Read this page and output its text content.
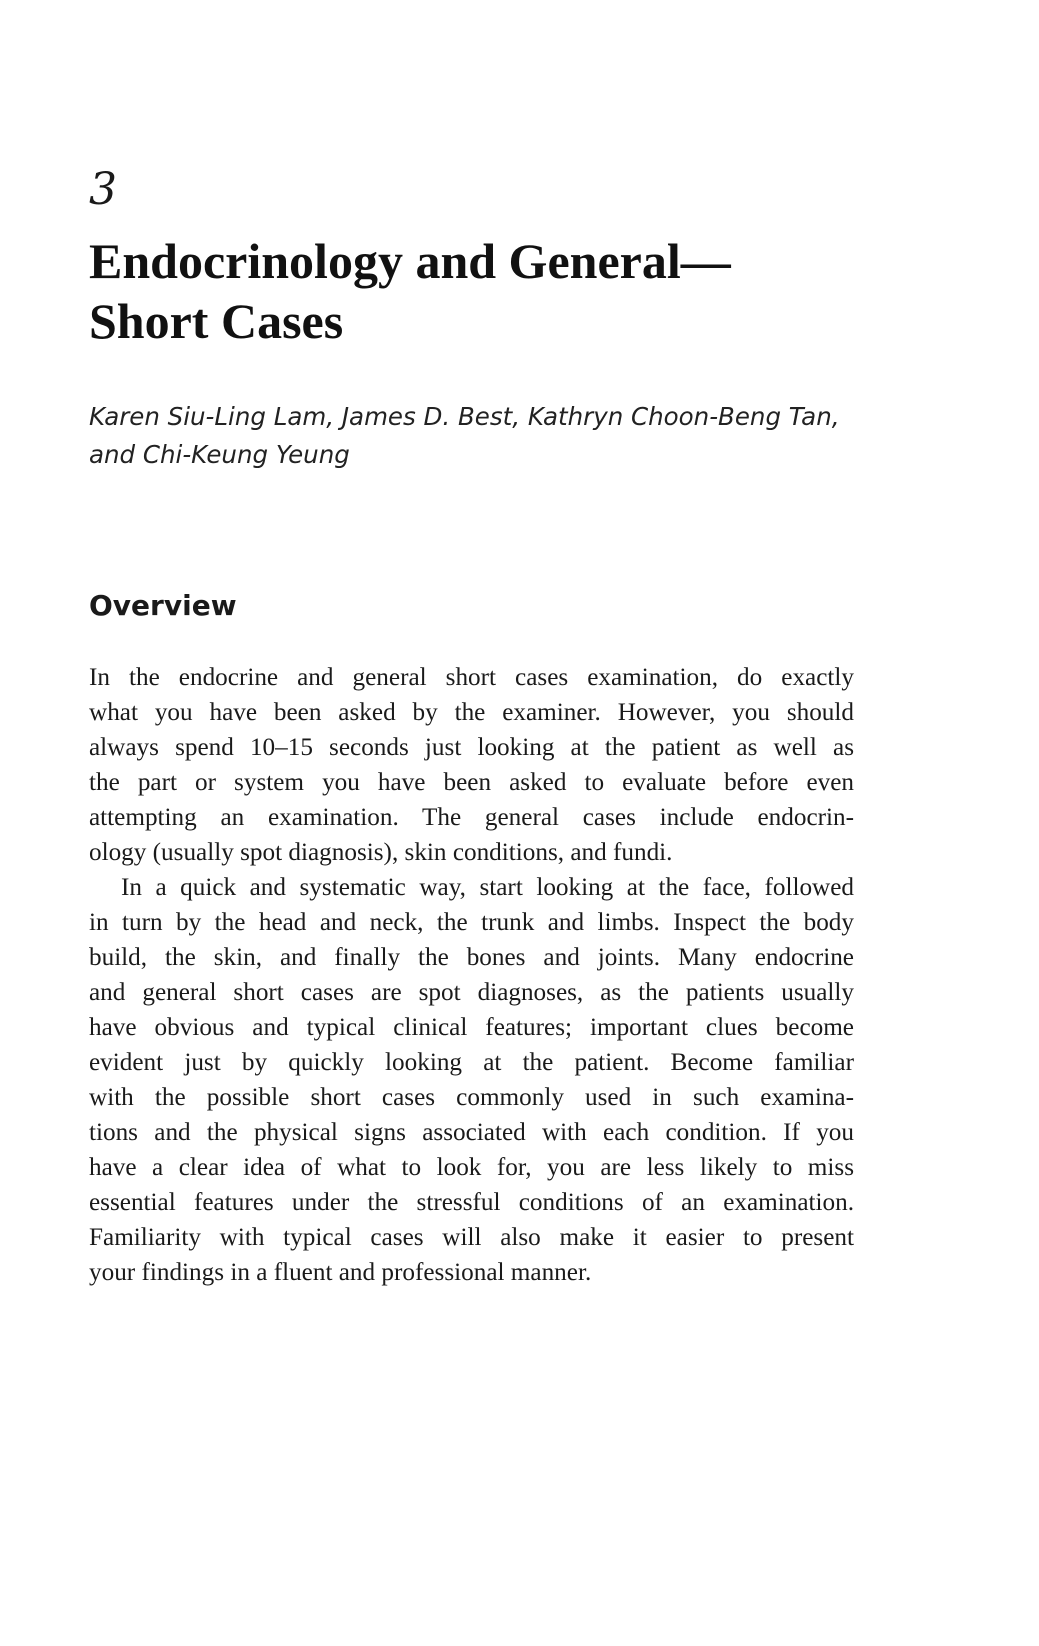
3
Endocrinology and General—
Short Cases
Karen Siu-Ling Lam, James D. Best, Kathryn Choon-Beng Tan,
and Chi-Keung Yeung
Overview
In the endocrine and general short cases examination, do exactly
what you have been asked by the examiner. However, you should
always spend 10–15 seconds just looking at the patient as well as
the part or system you have been asked to evaluate before even
attempting an examination. The general cases include endocrin-
ology (usually spot diagnosis), skin conditions, and fundi.
In a quick and systematic way, start looking at the face, followed
in turn by the head and neck, the trunk and limbs. Inspect the body
build, the skin, and finally the bones and joints. Many endocrine
and general short cases are spot diagnoses, as the patients usually
have obvious and typical clinical features; important clues become
evident just by quickly looking at the patient. Become familiar
with the possible short cases commonly used in such examina-
tions and the physical signs associated with each condition. If you
have a clear idea of what to look for, you are less likely to miss
essential features under the stressful conditions of an examination.
Familiarity with typical cases will also make it easier to present
your findings in a fluent and professional manner.
